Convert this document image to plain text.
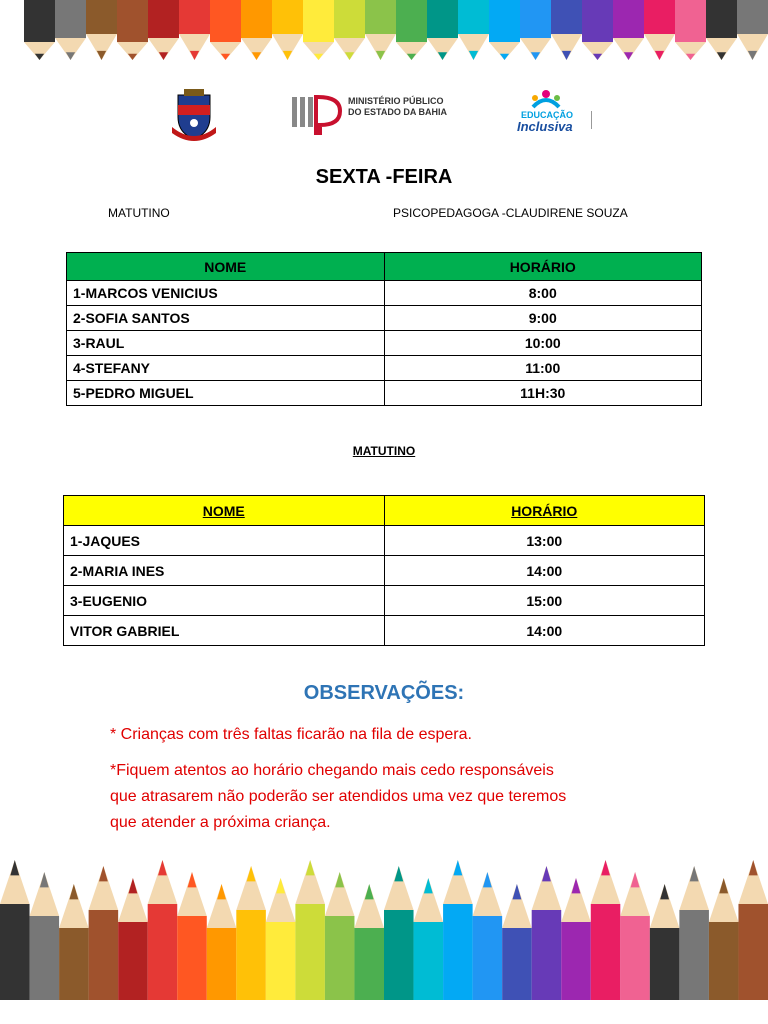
MINISTÉRIO PÚBLICO
DO ESTADO DA BAHIA	EDUCAÇÃO
Inclusiva
SEXTA -FEIRA
MATUTINO	PSICOPEDAGOGA -CLAUDIRENE SOUZA
NOME	HORÁRIO
1-MARCOS VENICIUS	8:00
2-SOFIA SANTOS	9:00
3-RAUL	10:00
4-STEFANY	11:00
5-PEDRO MIGUEL	11H:30
MATUTINO
NOME	HORÁRIO
1-JAQUES	13:00
2-MARIA INES	14:00
3-EUGENIO	15:00
VITOR GABRIEL	14:00
OBSERVAÇÕES:
* Crianças com três faltas ficarão na fila de espera.
*Fiquem atentos ao horário chegando mais cedo responsáveis
que atrasarem não poderão ser atendidos uma vez que teremos
que atender a próxima criança.
